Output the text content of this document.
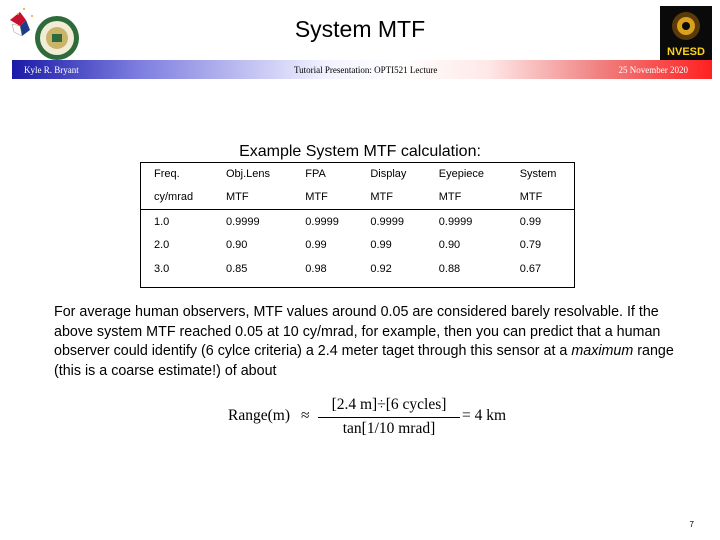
NVESD
System MTF
Kyle R. Bryant	Tutorial Presentation: OPTI521 Lecture	25 November 2020
Example System MTF calculation:
Freq.	Obj.Lens	FPA	Display	Eyepiece	System
cy/mrad	MTF	MTF	MTF	MTF	MTF
1.0	0.9999	0.9999	0.9999	0.9999	0.99
2.0	0.90	0.99	0.99	0.90	0.79
3.0	0.85	0.98	0.92	0.88	0.67
For average human observers, MTF values around 0.05 are considered barely resolvable. If the above system MTF reached 0.05 at 10 cy/mrad, for example, then you can predict that a human observer could identify (6 cylce criteria) a 2.4 meter taget through this sensor at a maximum range (this is a coarse estimate!) of about
Range(m) ≈
[2.4 m]÷[6 cycles]
tan[1/10 mrad]
= 4 km
7
